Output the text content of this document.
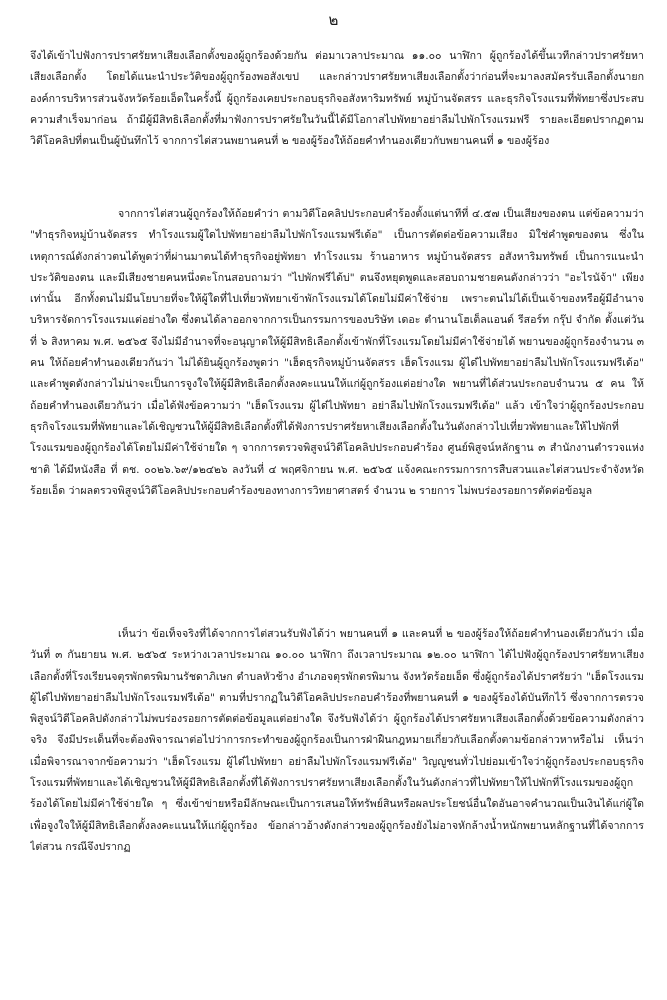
๒

จึงได้เข้าไปฟังการปราศรัยหาเสียงเลือกตั้งของผู้ถูกร้องด้วยกัน ต่อมาเวลาประมาณ ๑๑.๐๐ นาฬิกา ผู้ถูกร้องได้ขึ้นเวทีกล่าวปราศรัยหาเสียงเลือกตั้ง โดยได้แนะนำประวัติของผู้ถูกร้องพอสังเขป และกล่าวปราศรัยหาเสียงเลือกตั้งว่าก่อนที่จะมาลงสมัครรับเลือกตั้งนายกองค์การบริหารส่วนจังหวัดร้อยเอ็ดในครั้งนี้ ผู้ถูกร้องเคยประกอบธุรกิจอสังหาริมทรัพย์ หมู่บ้านจัดสรร และธุรกิจโรงแรมที่พัทยาซึ่งประสบความสำเร็จมาก่อน ถ้ามีผู้มีสิทธิเลือกตั้งที่มาฟังการปราศรัยในวันนี้ได้มีโอกาสไปพัทยาอย่าลืมไปพักโรงแรมฟรี รายละเอียดปรากฏตามวิดีโอคลิปที่ตนเป็นผู้บันทึกไว้ จากการไต่สวนพยานคนที่ ๒ ของผู้ร้องให้ถ้อยคำทำนองเดียวกับพยานคนที่ ๑ ของผู้ร้อง

จากการไต่สวนผู้ถูกร้องให้ถ้อยคำว่า ตามวิดีโอคลิปประกอบคำร้องตั้งแต่นาทีที่ ๔.๕๗ เป็นเสียงของตน แต่ข้อความว่า "ทำธุรกิจหมู่บ้านจัดสรร ทำโรงแรมผู้ใดไปพัทยาอย่าลืมไปพักโรงแรมฟรีเด้อ" เป็นการตัดต่อข้อความเสียง มิใช่คำพูดของตน ซึ่งในเหตุการณ์ดังกล่าวตนได้พูดว่าที่ผ่านมาตนได้ทำธุรกิจอยู่พัทยา ทำโรงแรม ร้านอาหาร หมู่บ้านจัดสรร อสังหาริมทรัพย์ เป็นการแนะนำประวัติของตน และมีเสียงชายคนหนึ่งตะโกนสอบถามว่า "ไปพักฟรีได้บ่" ตนจึงหยุดพูดและสอบถามชายคนดังกล่าวว่า "อะไรนัจ้า" เพียงเท่านั้น อีกทั้งตนไม่มีนโยบายที่จะให้ผู้ใดที่ไปเที่ยวพัทยาเข้าพักโรงแรมได้โดยไม่มีค่าใช้จ่าย เพราะตนไม่ได้เป็นเจ้าของหรือผู้มีอำนาจบริหารจัดการโรงแรมแต่อย่างใด ซึ่งตนได้ลาออกจากการเป็นกรรมการของบริษัท เดอะ ตำนานโฮเต็ลแอนด์ รีสอร์ท กรุ๊ป จำกัด ตั้งแต่วันที่ ๖ สิงหาคม พ.ศ. ๒๕๖๕ จึงไม่มีอำนาจที่จะอนุญาตให้ผู้มีสิทธิเลือกตั้งเข้าพักที่โรงแรมโดยไม่มีค่าใช้จ่ายได้ พยานของผู้ถูกร้องจำนวน ๓ คน ให้ถ้อยคำทำนองเดียวกันว่า ไม่ได้ยินผู้ถูกร้องพูดว่า "เฮ็ดธุรกิจหมู่บ้านจัดสรร เฮ็ดโรงแรม ผู้ได๋ไปพัทยาอย่าลืมไปพักโรงแรมฟรีเด้อ" และคำพูดดังกล่าวไม่น่าจะเป็นการจูงใจให้ผู้มีสิทธิเลือกตั้งลงคะแนนให้แก่ผู้ถูกร้องแต่อย่างใด พยานที่ได้ส่วนประกอบจำนวน ๕ คน ให้ถ้อยคำทำนองเดียวกันว่า เมื่อได้ฟังข้อความว่า "เฮ็ดโรงแรม ผู้ได๋ไปพัทยา อย่าลืมไปพักโรงแรมฟรีเด้อ" แล้ว เข้าใจว่าผู้ถูกร้องประกอบธุรกิจโรงแรมที่พัทยาและได้เชิญชวนให้ผู้มีสิทธิเลือกตั้งที่ได้ฟังการปราศรัยหาเสียงเลือกตั้งในวันดังกล่าวไปเที่ยวพัทยาและให้ไปพักที่โรงแรมของผู้ถูกร้องได้โดยไม่มีค่าใช้จ่ายใด ๆ จากการตรวจพิสูจน์วิดีโอคลิปประกอบคำร้อง ศูนย์พิสูจน์หลักฐาน ๓ สำนักงานตำรวจแห่งชาติ ได้มีหนังสือ ที่ ตช. ๐๐๒๖.๖๙/๑๒๔๒๖ ลงวันที่ ๔ พฤศจิกายน พ.ศ. ๒๕๖๕ แจ้งคณะกรรมการการสืบสวนและไต่สวนประจำจังหวัดร้อยเอ็ด ว่าผลตรวจพิสูจน์วิดีโอคลิปประกอบคำร้องของทางการวิทยาศาสตร์ จำนวน ๒ รายการ ไม่พบร่องรอยการตัดต่อข้อมูล

เห็นว่า ข้อเท็จจริงที่ได้จากการไต่สวนรับฟังได้ว่า พยานคนที่ ๑ และคนที่ ๒ ของผู้ร้องให้ถ้อยคำทำนองเดียวกันว่า เมื่อวันที่ ๓ กันยายน พ.ศ. ๒๕๖๕ ระหว่างเวลาประมาณ ๑๐.๐๐ นาฬิกา ถึงเวลาประมาณ ๑๒.๐๐ นาฬิกา ได้ไปฟังผู้ถูกร้องปราศรัยหาเสียงเลือกตั้งที่โรงเรียนจตุรพักตรพิมานรัชดาภิเษก ตำบลหัวช้าง อำเภอจตุรพักตรพิมาน จังหวัดร้อยเอ็ด ซึ่งผู้ถูกร้องได้ปราศรัยว่า "เฮ็ดโรงแรม ผู้ได๋ไปพัทยาอย่าลืมไปพักโรงแรมฟรีเด้อ" ตามที่ปรากฏในวิดีโอคลิปประกอบคำร้องที่พยานคนที่ ๑ ของผู้ร้องได้บันทึกไว้ ซึ่งจากการตรวจพิสูจน์วิดีโอคลิปดังกล่าวไม่พบร่องรอยการตัดต่อข้อมูลแต่อย่างใด จึงรับฟังได้ว่า ผู้ถูกร้องได้ปราศรัยหาเสียงเลือกตั้งด้วยข้อความดังกล่าวจริง จึงมีประเด็นที่จะต้องพิจารณาต่อไปว่าการกระทำของผู้ถูกร้องเป็นการฝ่าฝืนกฎหมายเกี่ยวกับเลือกตั้งตามข้อกล่าวหาหรือไม่ เห็นว่า เมื่อพิจารณาจากข้อความว่า "เฮ็ดโรงแรม ผู้ได๋ไปพัทยา อย่าลืมไปพักโรงแรมฟรีเด้อ" วิญญูชนทั่วไปย่อมเข้าใจว่าผู้ถูกร้องประกอบธุรกิจโรงแรมที่พัทยาและได้เชิญชวนให้ผู้มีสิทธิเลือกตั้งที่ได้ฟังการปราศรัยหาเสียงเลือกตั้งในวันดังกล่าวที่ไปพัทยาให้ไปพักที่โรงแรมของผู้ถูกร้องได้โดยไม่มีค่าใช้จ่ายใด ๆ ซึ่งเข้าข่ายหรือมีลักษณะเป็นการเสนอให้ทรัพย์สินหรือผลประโยชน์อื่นใดอันอาจคำนวณเป็นเงินได้แก่ผู้ใด เพื่อจูงใจให้ผู้มีสิทธิเลือกตั้งลงคะแนนให้แก่ผู้ถูกร้อง ข้อกล่าวอ้างดังกล่าวของผู้ถูกร้องยังไม่อาจหักล้างน้ำหนักพยานหลักฐานที่ได้จากการไต่สวน กรณีจึงปรากฏ
